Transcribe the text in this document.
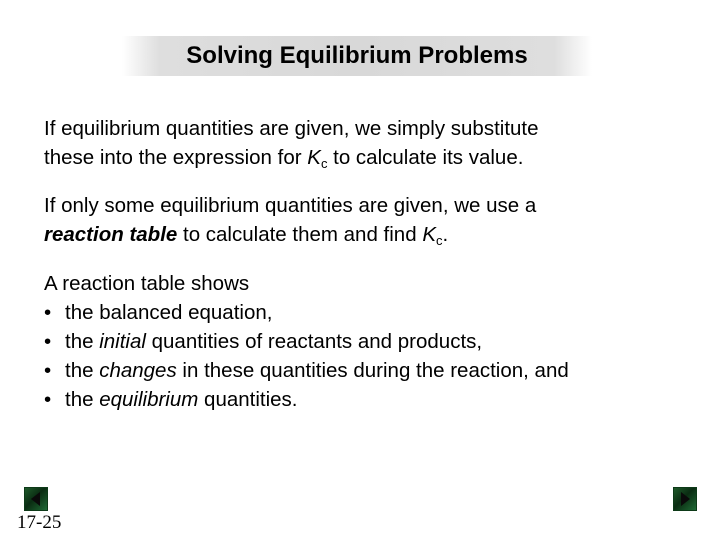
Solving Equilibrium Problems

If equilibrium quantities are given, we simply substitute
these into the expression for $K_c$ to calculate its value.

If only some equilibrium quantities are given, we use a
reaction table to calculate them and find $K_c$.

A reaction table shows
• the balanced equation,
• the initial quantities of reactants and products,
• the changes in these quantities during the reaction, and
• the equilibrium quantities.
17-25
